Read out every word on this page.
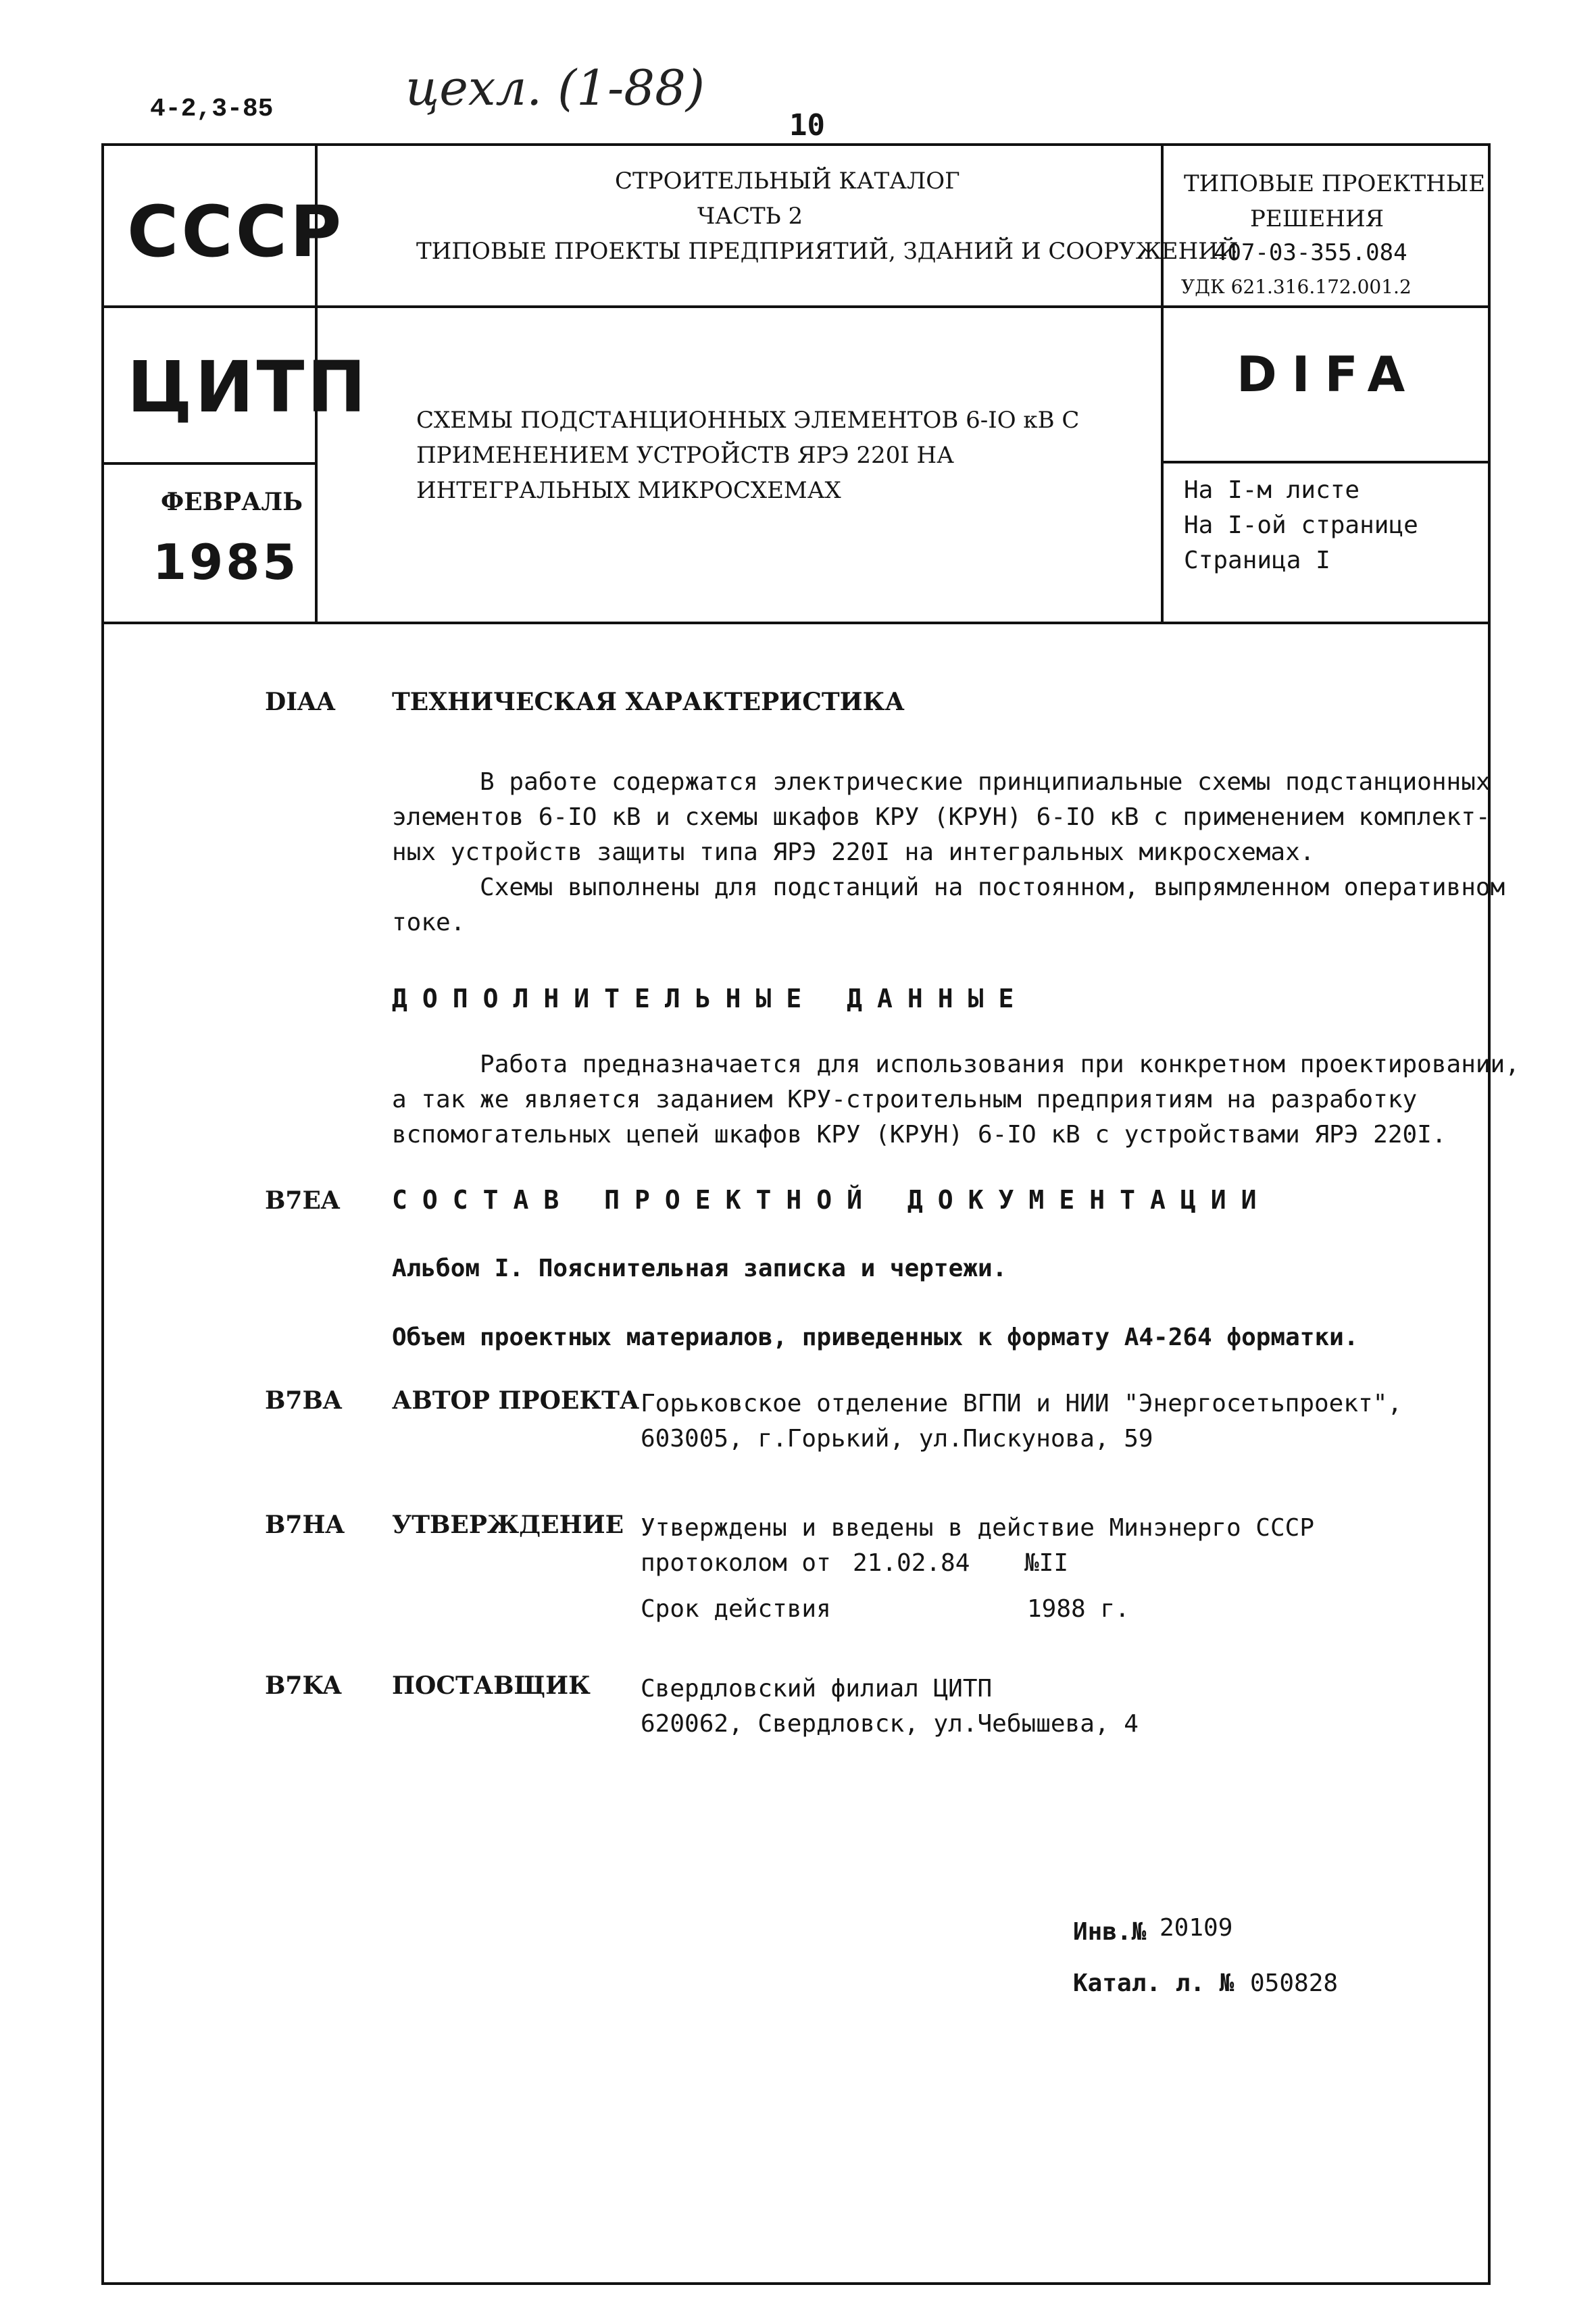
4-2,3-85	цехл. (1-88)
10
СССР
ЦИТП
ФЕВРАЛЬ
1985
СТРОИТЕЛЬНЫЙ КАТАЛОГ
ЧАСТЬ 2
ТИПОВЫЕ ПРОЕКТЫ ПРЕДПРИЯТИЙ, ЗДАНИЙ И СООРУЖЕНИЙ
СХЕМЫ ПОДСТАНЦИОННЫХ ЭЛЕМЕНТОВ 6-IO кВ С
ПРИМЕНЕНИЕМ УСТРОЙСТВ ЯРЭ 220I НА
ИНТЕГРАЛЬНЫХ МИКРОСХЕМАХ
ТИПОВЫЕ ПРОЕКТНЫЕ
РЕШЕНИЯ
407-03-355.084
УДК 621.316.172.001.2
DIFA
На I-м листе
На I-ой странице
Страница I
DIAA ТЕХНИЧЕСКАЯ ХАРАКТЕРИСТИКА
В работе содержатся электрические принципиальные схемы подстанционных
элементов 6-IO кВ и схемы шкафов КРУ (КРУН) 6-IO кВ с применением комплект-
ных устройств защиты типа ЯРЭ 220I на интегральных микросхемах.
Схемы выполнены для подстанций на постоянном, выпрямленном оперативном
токе.
ДОПОЛНИТЕЛЬНЫЕ ДАННЫЕ
Работа предназначается для использования при конкретном проектировании,
а так же является заданием КРУ-строительным предприятиям на разработку
вспомогательных цепей шкафов КРУ (КРУН) 6-IO кВ с устройствами ЯРЭ 220I.
B7EA СОСТАВ ПРОЕКТНОЙ ДОКУМЕНТАЦИИ
Альбом I. Пояснительная записка и чертежи.
Объем проектных материалов, приведенных к формату А4-264 форматки.
B7BA АВТОР ПРОЕКТА Горьковское отделение ВГПИ и НИИ "Энергосетьпроект",
603005, г.Горький, ул.Пискунова, 59
B7HA УТВЕРЖДЕНИЕ Утверждены и введены в действие Минэнерго СССР
протоколом от 21.02.84 №II
Срок действия	1988 г.
B7KA ПОСТАВЩИК Свердловский филиал ЦИТП
620062, Свердловск, ул.Чебышева, 4
Инв.№ 20109
Катал. л. № 050828
